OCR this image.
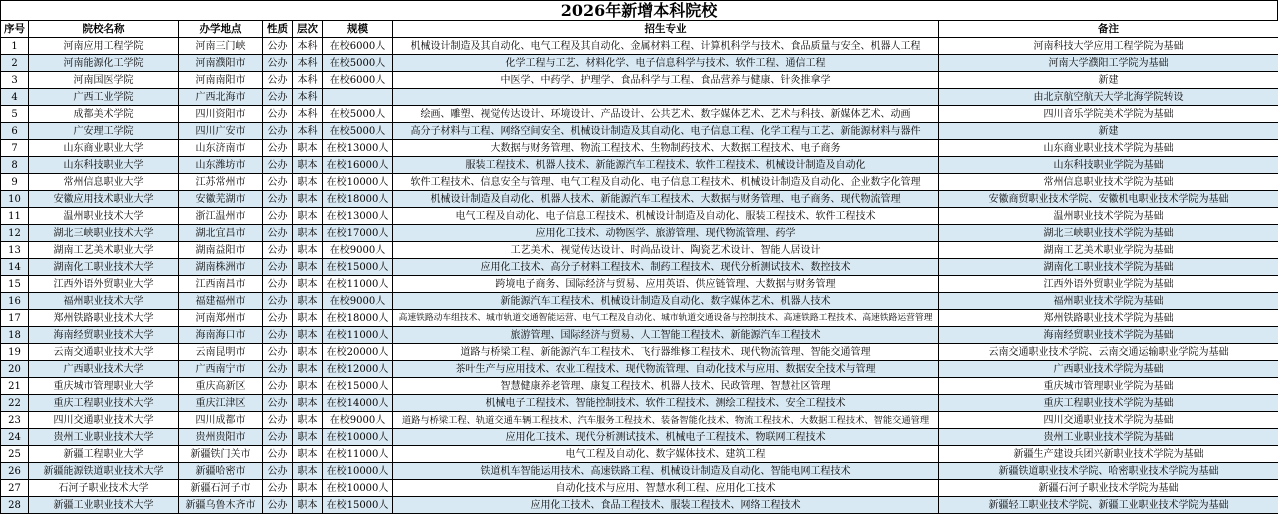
2026年新增本科院校
序号	院校名称	办学地点	性质	层次	规模	招生专业	备注
1	河南应用工程学院	河南三门峡	公办	本科	在校6000人	机械设计制造及其自动化、电气工程及其自动化、金属材料工程、计算机科学与技术、食品质量与安全、机器人工程	河南科技大学应用工程学院为基础
2	河南能源化工学院	河南濮阳市	公办	本科	在校5000人	化学工程与工艺、材料化学、电子信息科学与技术、软件工程、通信工程	河南大学濮阳工学院为基础
3	河南国医学院	河南南阳市	公办	本科	在校6000人	中医学、中药学、护理学、食品科学与工程、食品营养与健康、针灸推拿学	新建
4	广西工业学院	广西北海市	公办	本科			由北京航空航天大学北海学院转设
5	成都美术学院	四川资阳市	公办	本科	在校5000人	绘画、雕塑、视觉传达设计、环境设计、产品设计、公共艺术、数字媒体艺术、艺术与科技、新媒体艺术、动画	四川音乐学院美术学院为基础
6	广安理工学院	四川广安市	公办	本科	在校5000人	高分子材料与工程、网络空间安全、机械设计制造及其自动化、电子信息工程、化学工程与工艺、新能源材料与器件	新建
7	山东商业职业大学	山东济南市	公办	职本	在校13000人	大数据与财务管理、物流工程技术、生物制药技术、大数据工程技术、电子商务	山东商业职业技术学院为基础
8	山东科技职业大学	山东潍坊市	公办	职本	在校16000人	服装工程技术、机器人技术、新能源汽车工程技术、软件工程技术、机械设计制造及自动化	山东科技职业学院为基础
9	常州信息职业大学	江苏常州市	公办	职本	在校10000人	软件工程技术、信息安全与管理、电气工程及自动化、电子信息工程技术、机械设计制造及自动化、企业数字化管理	常州信息职业技术学院为基础
10	安徽应用技术职业大学	安徽芜湖市	公办	职本	在校18000人	机械设计制造及自动化、机器人技术、新能源汽车工程技术、大数据与财务管理、电子商务、现代物流管理	安徽商贸职业技术学院、安徽机电职业技术学院为基础
11	温州职业技术大学	浙江温州市	公办	职本	在校13000人	电气工程及自动化、电子信息工程技术、机械设计制造及自动化、服装工程技术、软件工程技术	温州职业技术学院为基础
12	湖北三峡职业技术大学	湖北宜昌市	公办	职本	在校17000人	应用化工技术、动物医学、旅游管理、现代物流管理、药学	湖北三峡职业技术学院为基础
13	湖南工艺美术职业大学	湖南益阳市	公办	职本	在校9000人	工艺美术、视觉传达设计、时尚品设计、陶瓷艺术设计、智能人居设计	湖南工艺美术职业学院为基础
14	湖南化工职业技术大学	湖南株洲市	公办	职本	在校15000人	应用化工技术、高分子材料工程技术、制药工程技术、现代分析测试技术、数控技术	湖南化工职业技术学院为基础
15	江西外语外贸职业大学	江西南昌市	公办	职本	在校11000人	跨境电子商务、国际经济与贸易、应用英语、供应链管理、大数据与财务管理	江西外语外贸职业学院为基础
16	福州职业技术大学	福建福州市	公办	职本	在校9000人	新能源汽车工程技术、机械设计制造及自动化、数字媒体艺术、机器人技术	福州职业技术学院为基础
17	郑州铁路职业技术大学	河南郑州市	公办	职本	在校18000人	高速铁路动车组技术、城市轨道交通智能运营、电气工程及自动化、城市轨道交通设备与控制技术、高速铁路工程技术、高速铁路运营管理	郑州铁路职业技术学院为基础
18	海南经贸职业技术大学	海南海口市	公办	职本	在校11000人	旅游管理、国际经济与贸易、人工智能工程技术、新能源汽车工程技术	海南经贸职业技术学院为基础
19	云南交通职业技术大学	云南昆明市	公办	职本	在校20000人	道路与桥梁工程、新能源汽车工程技术、飞行器维修工程技术、现代物流管理、智能交通管理	云南交通职业技术学院、云南交通运输职业学院为基础
20	广西职业技术大学	广西南宁市	公办	职本	在校12000人	茶叶生产与应用技术、农业工程技术、现代物流管理、自动化技术与应用、数据安全技术与管理	广西职业技术学院为基础
21	重庆城市管理职业大学	重庆高新区	公办	职本	在校15000人	智慧健康养老管理、康复工程技术、机器人技术、民政管理、智慧社区管理	重庆城市管理职业学院为基础
22	重庆工程职业技术大学	重庆江津区	公办	职本	在校14000人	机械电子工程技术、智能控制技术、软件工程技术、测绘工程技术、安全工程技术	重庆工程职业技术学院为基础
23	四川交通职业技术大学	四川成都市	公办	职本	在校9000人	道路与桥梁工程、轨道交通车辆工程技术、汽车服务工程技术、装备智能化技术、物流工程技术、大数据工程技术、智能交通管理	四川交通职业技术学院为基础
24	贵州工业职业技术大学	贵州贵阳市	公办	职本	在校10000人	应用化工技术、现代分析测试技术、机械电子工程技术、物联网工程技术	贵州工业职业技术学院为基础
25	新疆工程职业大学	新疆铁门关市	公办	职本	在校11000人	电气工程及自动化、数字媒体技术、建筑工程	新疆生产建设兵团兴新职业技术学院为基础
26	新疆能源铁道职业技术大学	新疆哈密市	公办	职本	在校10000人	铁道机车智能运用技术、高速铁路工程、机械设计制造及自动化、智能电网工程技术	新疆铁道职业技术学院、哈密职业技术学院为基础
27	石河子职业技术大学	新疆石河子市	公办	职本	在校10000人	自动化技术与应用、智慧水利工程、应用化工技术	新疆石河子职业技术学院为基础
28	新疆工业职业技术大学	新疆乌鲁木齐市	公办	职本	在校15000人	应用化工技术、食品工程技术、服装工程技术、网络工程技术	新疆轻工职业技术学院、新疆工业职业技术学院为基础
